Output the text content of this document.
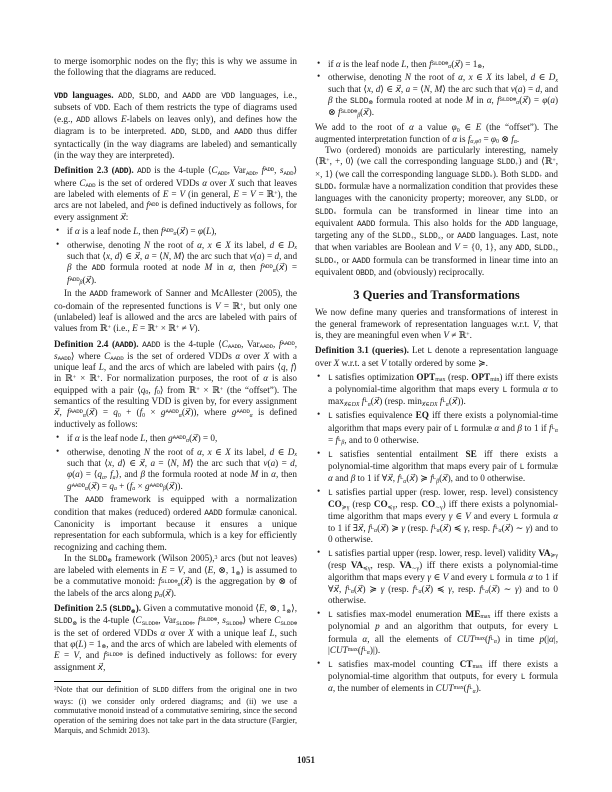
to merge isomorphic nodes on the fly; this is why we assume in the following that the diagrams are reduced.
VDD languages. ADD, SLDD, and AADD are VDD languages, i.e., subsets of VDD. Each of them restricts the type of diagrams used (e.g., ADD allows E-labels on leaves only), and defines how the diagram is to be interpreted. ADD, SLDD, and AADD thus differ syntactically (in the way diagrams are labeled) and semantically (in the way they are interpreted).
Definition 2.3 (ADD). ADD is the 4-tuple ⟨CADD, VarADD, $f^{ADD}$, sADD⟩ where CADD is the set of ordered VDDs α over X such that leaves are labeled with elements of E = V (in general, E = V = ℝ+), the arcs are not labeled, and $f^{ADD}$ is defined inductively as follows, for every assignment x⃗:
• if α is a leaf node L, then $f^{ADD}\alpha(x⃗) = \varphi(L)$,
• otherwise, denoting N the root of α, x ∈ X its label, d ∈ Dx such that ⟨x, d⟩ ∈ x⃗, a = ⟨N, M⟩ the arc such that v(a) = d, and β the ADD formula rooted at node M in α, then $f^{ADD}\alpha(x⃗)$ = $f^{ADD}\beta(x⃗)$.
In the AADD framework of Sanner and McAllester (2005), the co-domain of the represented functions is V = ℝ+, but only one (unlabeled) leaf is allowed and the arcs are labeled with pairs of values from ℝ+ (i.e., E = ℝ+ × ℝ+ ≠ V).
Definition 2.4 (AADD). AADD is the 4-tuple ⟨CAADD, VarAADD, $f^{AADD}$, sAADD⟩ where CAADD is the set of ordered VDDs α over X with a unique leaf L, and the arcs of which are labeled with pairs ⟨q, f⟩ in ℝ+ × ℝ+. For normalization purposes, the root of α is also equipped with a pair ⟨q0, f0⟩ from ℝ+ × ℝ+ (the “offset”). The semantics of the resulting VDD is given by, for every assignment x⃗, $f^{AADD}\alpha(x⃗) = q0 + (f0$ × $g^{AADD}\alpha(x⃗)$), where $g^{AADD}\alpha$ is defined inductively as follows:
• if α is the leaf node L, then $g^{AADD}\alpha(x⃗) = 0$,
• otherwise, denoting N the root of α, x ∈ X its label, d ∈ Dx such that ⟨x, d⟩ ∈ x⃗, a = ⟨N, M⟩ the arc such that v(a) = d, φ(a) = ⟨qa, fa⟩, and β the formula rooted at node M in α, then $g^{AADD}\alpha(x⃗)$ = qa + $(fa \times g^{AADD}\beta(x⃗))$.
The AADD framework is equipped with a normalization condition that makes (reduced) ordered AADD formulæ canonical. Canonicity is important because it ensures a unique representation for each subformula, which is a key for efficiently recognizing and caching them.
In the SLDD⊗ framework (Wilson 2005),$^3$ arcs (but not leaves) are labeled with elements in E = V, and ⟨E, ⊗, 1⊗⟩ is assumed to be a commutative monoid: $f^{SLDD\otimes}\alpha(x⃗)$ is the aggregation by ⊗ of the labels of the arcs along pα(x⃗).
Definition 2.5 (SLDD⊗). Given a commutative monoid ⟨E, ⊗, 1⊗⟩, SLDD⊗ is the 4-tuple ⟨CSLDD⊗, VarSLDD⊗, $f^{SLDD\otimes}$, sSLDD⊗⟩ where CSLDD⊗ is the set of ordered VDDs α over X with a unique leaf L, such that φ(L) = 1⊗, and the arcs of which are labeled with elements of E = V, and $f^{SLDD\otimes}$ is defined inductively as follows: for every assignment x⃗,
$^3$Note that our definition of SLDD differs from the original one in two ways: (i) we consider only ordered diagrams; and (ii) we use a commutative monoid instead of a commutative semiring, since the second operation of the semiring does not take part in the data structure (Fargier, Marquis, and Schmidt 2013).
• if α is the leaf node L, then $f^{SLDD\otimes}\alpha(x⃗)$ = 1⊗,
• otherwise, denoting N the root of α, x ∈ X its label, d ∈ Dx such that ⟨x, d⟩ ∈ x⃗, a = ⟨N, M⟩ the arc such that v(a) = d, and β the SLDD⊗ formula rooted at node M in α, $f^{SLDD\otimes}\alpha(x⃗) = \varphi(a)$ ⊗ $f^{SLDD\otimes}\beta(x⃗)$.
We add to the root of α a value φ0 ∈ E (the “offset”). The augmented interpretation function of α is fα,φ0 = φ0 ⊗ fα.
Two (ordered) monoids are particularly interesting, namely ⟨ℝ+, +, 0⟩ (we call the corresponding language SLDD+) and ⟨ℝ+, ×, 1⟩ (we call the corresponding language SLDD×). Both SLDD+ and SLDD× formulæ have a normalization condition that provides these languages with the canonicity property; moreover, any SLDD+ or SLDD× formula can be transformed in linear time into an equivalent AADD formula. This also holds for the ADD language, targeting any of the SLDD+, SLDD×, or AADD languages. Last, note that when variables are Boolean and V = {0, 1}, any ADD, SLDD+, SLDD×, or AADD formula can be transformed in linear time into an equivalent OBDD, and (obviously) reciprocally.
3 Queries and Transformations
We now define many queries and transformations of interest in the general framework of representation languages w.r.t. V, that is, they are meaningful even when V ≠ ℝ+.
Definition 3.1 (queries). Let L denote a representation language over X w.r.t. a set V totally ordered by some ≽.
• L satisfies optimization OPTmax (resp. OPTmin) iff there exists a polynomial-time algorithm that maps every L formula α to maxx⃗∈DX $f^L\alpha(x⃗)$ (resp. minx⃗∈DX $f^L\alpha(x⃗)$).
• L satisfies equivalence EQ iff there exists a polynomial-time algorithm that maps every pair of L formulæ α and β to 1 if $f^L\alpha = f^L\beta$, and to 0 otherwise.
• L satisfies sentential entailment SE iff there exists a polynomial-time algorithm that maps every pair of L formulæ α and β to 1 if ∀x⃗, $f^L\alpha(x⃗)$ ≽ $f^L\beta(x⃗)$, and to 0 otherwise.
• L satisfies partial upper (resp. lower, resp. level) consistency CO≽γ (resp CO≼γ, resp. CO∼γ) iff there exists a polynomial-time algorithm that maps every γ ∈ V and every L formula α to 1 if ∃x⃗, $f^L\alpha(x⃗)$ ≽ γ (resp. $f^L\alpha(x⃗)$ ≼ γ, resp. $f^L\alpha(x⃗)$ ∼ γ) and to 0 otherwise.
• L satisfies partial upper (resp. lower, resp. level) validity VA≽γ (resp VA≼γ, resp. VA∼γ) iff there exists a polynomial-time algorithm that maps every γ ∈ V and every L formula α to 1 if ∀x⃗, $f^L\alpha(x⃗)$ ≽ γ (resp. $f^L\alpha(x⃗)$ ≼ γ, resp. $f^L\alpha(x⃗)$ ∼ γ) and to 0 otherwise.
• L satisfies max-model enumeration MEmax iff there exists a polynomial p and an algorithm that outputs, for every L formula α, all the elements of $CUT^{max}(f^L\alpha)$ in time p(|α|, $|CUT^{max}(f^L\alpha)|$).
• L satisfies max-model counting CTmax iff there exists a polynomial-time algorithm that outputs, for every L formula α, the number of elements in $CUT^{max}(f^L\alpha)$.
1051
